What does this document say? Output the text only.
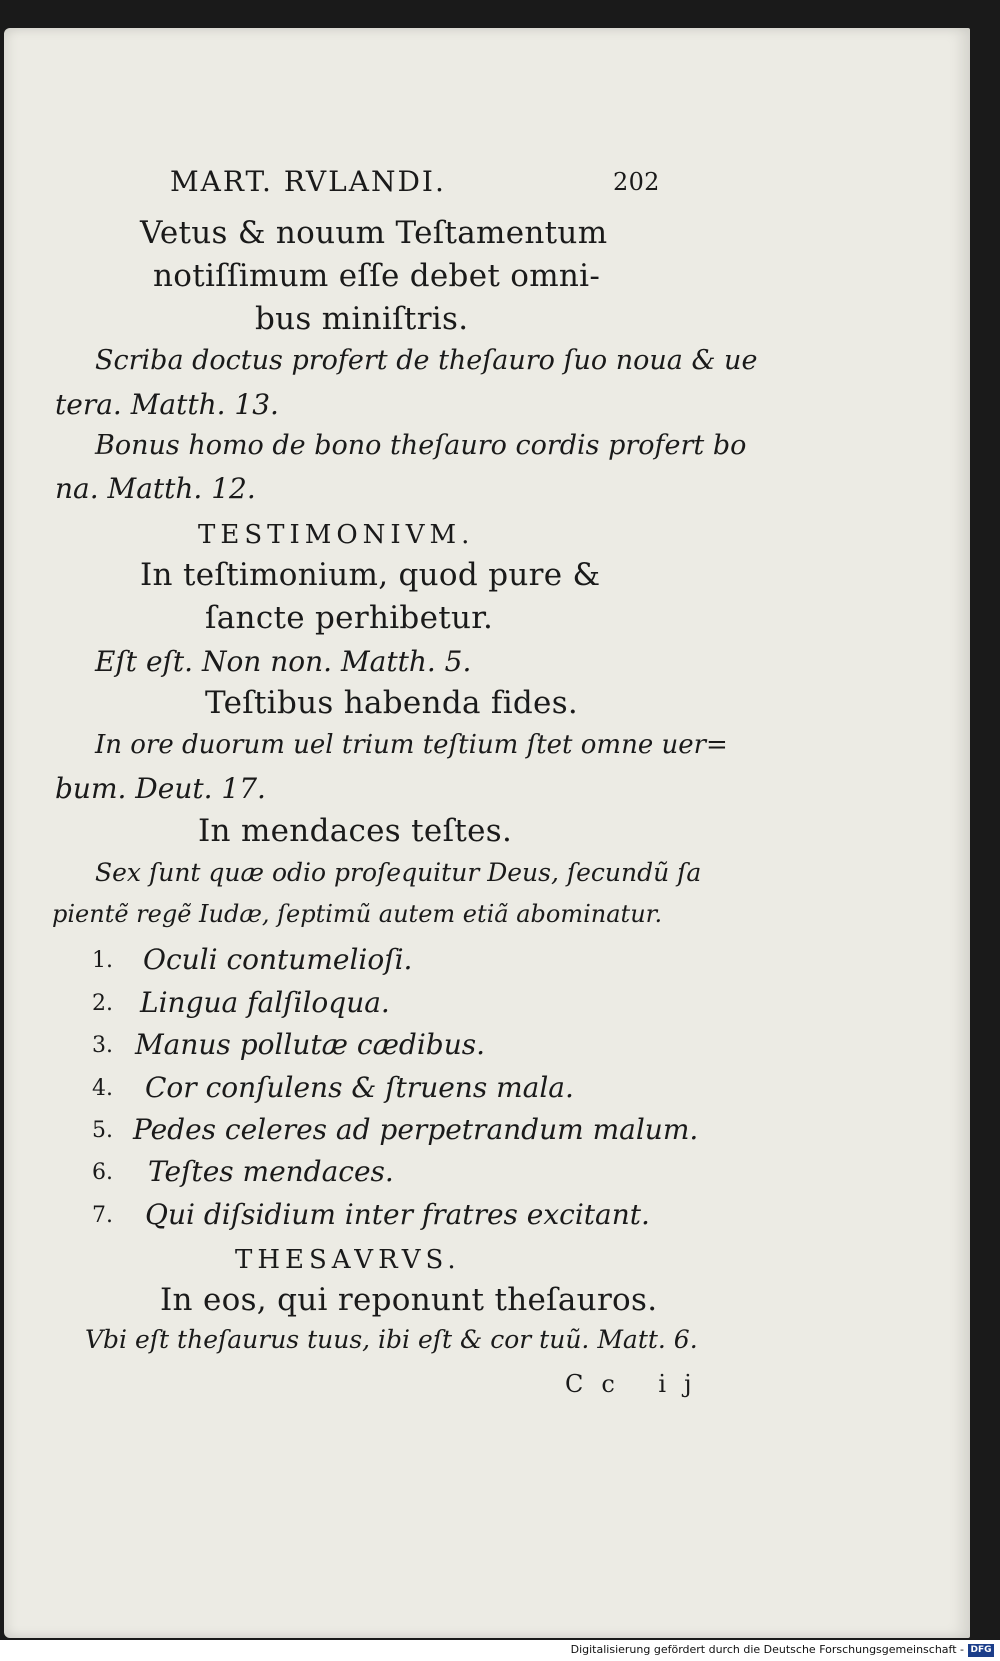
MART. RVLANDI.	202
Vetus & nouum Teſtamentum
notiſſimum eſſe debet omni-
bus miniſtris.
Scriba doctus profert de theſauro ſuo noua & ue
tera. Matth. 13.
Bonus homo de bono theſauro cordis profert bo
na. Matth. 12.
TESTIMONIVM.
In teſtimonium, quod pure &
ſancte perhibetur.
Eſt eſt. Non non. Matth. 5.
Teſtibus habenda fides.
In ore duorum uel trium teſtium ſtet omne uer=
bum. Deut. 17.
In mendaces teſtes.
Sex ſunt quæ odio proſequitur Deus, ſecundũ ſa
pientẽ regẽ Iudæ, ſeptimũ autem etiã abominatur.
1. Oculi contumelioſi.
2. Lingua falſiloqua.
3. Manus pollutæ cædibus.
4. Cor conſulens & ſtruens mala.
5. Pedes celeres ad perpetrandum malum.
6. Teſtes mendaces.
7. Qui diſsidium inter fratres excitant.
THESAVRVS.
In eos, qui reponunt theſauros.
Vbi eſt theſaurus tuus, ibi eſt & cor tuũ. Matt. 6.
Cc ij
Digitalisierung gefördert durch die Deutsche Forschungsgemeinschaft - DFG
